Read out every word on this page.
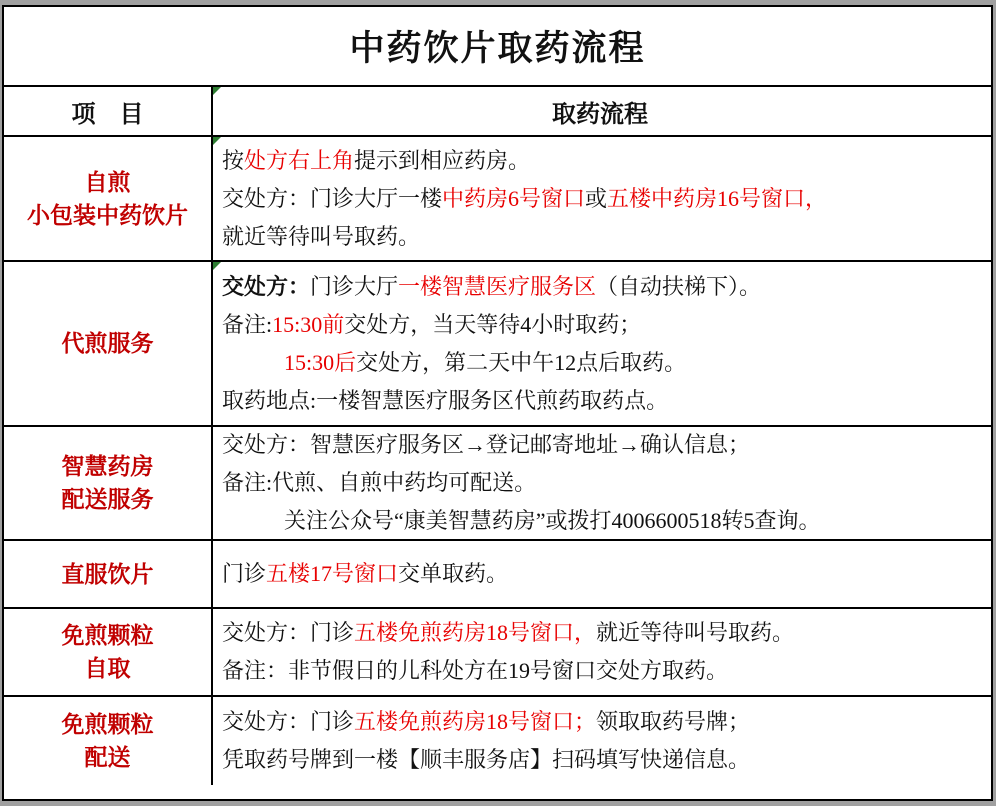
中药饮片取药流程
项　目	取药流程
自煎
小包装中药饮片
按处方右上角提示到相应药房。
交处方：门诊大厅一楼中药房6号窗口或五楼中药房16号窗口，
就近等待叫号取药。
代煎服务
交处方：门诊大厅一楼智慧医疗服务区（自动扶梯下）。
备注:15:30前交处方，当天等待4小时取药；
15:30后交处方，第二天中午12点后取药。
取药地点:一楼智慧医疗服务区代煎药取药点。
智慧药房
配送服务
交处方：智慧医疗服务区→登记邮寄地址→确认信息；
备注:代煎、自煎中药均可配送。
关注公众号“康美智慧药房”或拨打4006600518转5查询。
直服饮片	门诊五楼17号窗口交单取药。
免煎颗粒
自取
交处方：门诊五楼免煎药房18号窗口，就近等待叫号取药。
备注：非节假日的儿科处方在19号窗口交处方取药。
免煎颗粒
配送
交处方：门诊五楼免煎药房18号窗口；领取取药号牌；
凭取药号牌到一楼【顺丰服务店】扫码填写快递信息。
